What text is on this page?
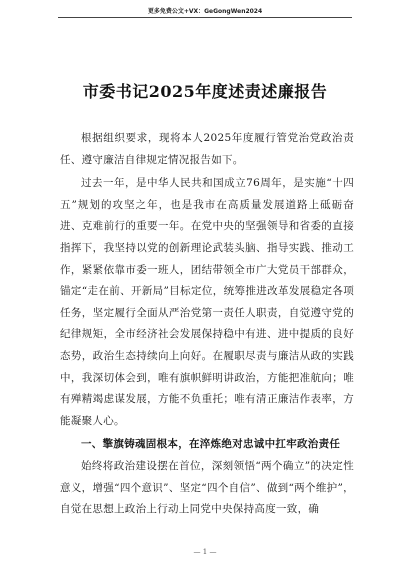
更多免费公文+VX：GeGongWen2024
市委书记2025年度述责述廉报告

根据组织要求，现将本人2025年度履行管党治党政治责任、遵守廉洁自律规定情况报告如下。

过去一年，是中华人民共和国成立76周年，是实施“十四五”规划的攻坚之年，也是我市在高质量发展道路上砥砺奋进、克难前行的重要一年。在党中央的坚强领导和省委的直接指挥下，我坚持以党的创新理论武装头脑、指导实践、推动工作，紧紧依靠市委一班人，团结带领全市广大党员干部群众，锚定“走在前、开新局”目标定位，统筹推进改革发展稳定各项任务，坚定履行全面从严治党第一责任人职责，自觉遵守党的纪律规矩，全市经济社会发展保持稳中有进、进中提质的良好态势，政治生态持续向上向好。在履职尽责与廉洁从政的实践中，我深切体会到，唯有旗帜鲜明讲政治，方能把准航向；唯有殚精竭虑谋发展，方能不负重托；唯有清正廉洁作表率，方能凝聚人心。

一、擎旗铸魂固根本，在淬炼绝对忠诚中扛牢政治责任

始终将政治建设摆在首位，深刻领悟“两个确立”的决定性意义，增强“四个意识”、坚定“四个自信”、做到“两个维护”，自觉在思想上政治上行动上同党中央保持高度一致，确

— 1 —
